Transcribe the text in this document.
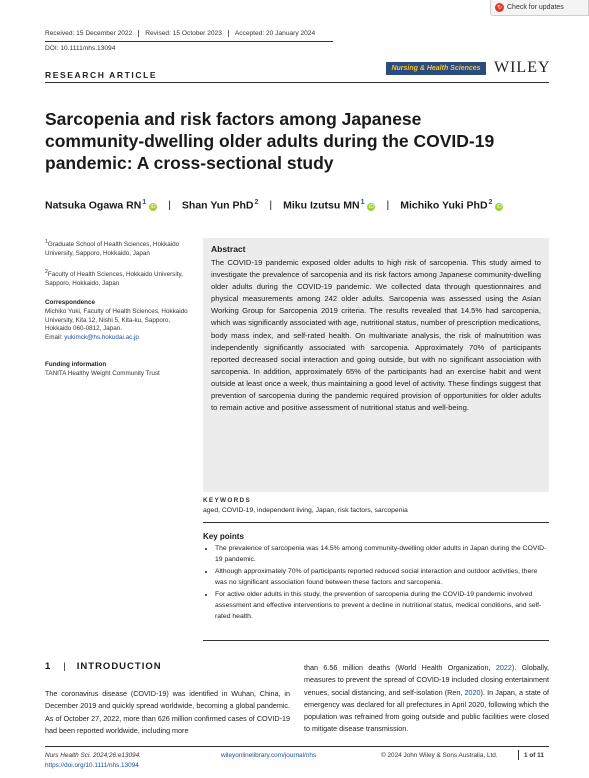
↻ Check for updates
Received: 15 December 2022	Revised: 15 October 2023	Accepted: 20 January 2024
DOI: 10.1111/nhs.13094
RESEARCH ARTICLE
Nursing & Health Sciences WILEY
Sarcopenia and risk factors among Japanese community-dwelling older adults during the COVID-19 pandemic: A cross-sectional study
Natsuka Ogawa $RN^1iD$ | Shan Yun PhD$^2$ | Miku Izutsu $MN^1iD$ | Michiko Yuki PhD$^2$iD
$^1$Graduate School of Health Sciences, Hokkaido University, Sapporo, Hokkaido, Japan
$^2$Faculty of Health Sciences, Hokkaido University, Sapporo, Hokkaido, Japan
Correspondence
Michiko Yuki, Faculty of Health Sciences, Hokkaido University, Kita 12, Nishi 5, Kita-ku, Sapporo, Hokkaido 060-0812, Japan.
Email: yukimck@hs.hokudai.ac.jp
Funding information
TANITA Healthy Weight Community Trust
Abstract
The COVID-19 pandemic exposed older adults to high risk of sarcopenia. This study aimed to investigate the prevalence of sarcopenia and its risk factors among Japanese community-dwelling older adults during the COVID-19 pandemic. We collected data through questionnaires and physical measurements among 242 older adults. Sarcopenia was assessed using the Asian Working Group for Sarcopenia 2019 criteria. The results revealed that 14.5% had sarcopenia, which was significantly associated with age, nutritional status, number of prescription medications, body mass index, and self-rated health. On multivariate analysis, the risk of malnutrition was independently significantly associated with sarcopenia. Approximately 70% of participants reported decreased social interaction and going outside, but with no significant association with sarcopenia. In addition, approximately 65% of the participants had an exercise habit and went outside at least once a week, thus maintaining a good level of activity. These findings suggest that prevention of sarcopenia during the pandemic required provision of opportunities for older adults to remain active and positive assessment of nutritional status and well-being.
KEYWORDS
aged, COVID-19, independent living, Japan, risk factors, sarcopenia
Key points
• The prevalence of sarcopenia was 14.5% among community-dwelling older adults in Japan during the COVID-19 pandemic.
• Although approximately 70% of participants reported reduced social interaction and outdoor activities, there was no significant association found between these factors and sarcopenia.
• For active older adults in this study, the prevention of sarcopenia during the COVID-19 pandemic involved assessment and effective interventions to prevent a decline in nutritional status, medical conditions, and self-rated health.
1 | INTRODUCTION
The coronavirus disease (COVID-19) was identified in Wuhan, China, in December 2019 and quickly spread worldwide, becoming a global pandemic. As of October 27, 2022, more than 626 million confirmed cases of COVID-19 had been reported worldwide, including more
than 6.56 million deaths (World Health Organization, 2022). Globally, measures to prevent the spread of COVID-19 included closing entertainment venues, social distancing, and self-isolation (Ren, 2020). In Japan, a state of emergency was declared for all prefectures in April 2020, following which the population was refrained from going outside and public facilities were closed to mitigate disease transmission.
Nurs Health Sci. 2024;26:e13094.
https://doi.org/10.1111/nhs.13094
wileyonlinelibrary.com/journal/nhs	© 2024 John Wiley & Sons Australia, Ltd.	1 of 11
